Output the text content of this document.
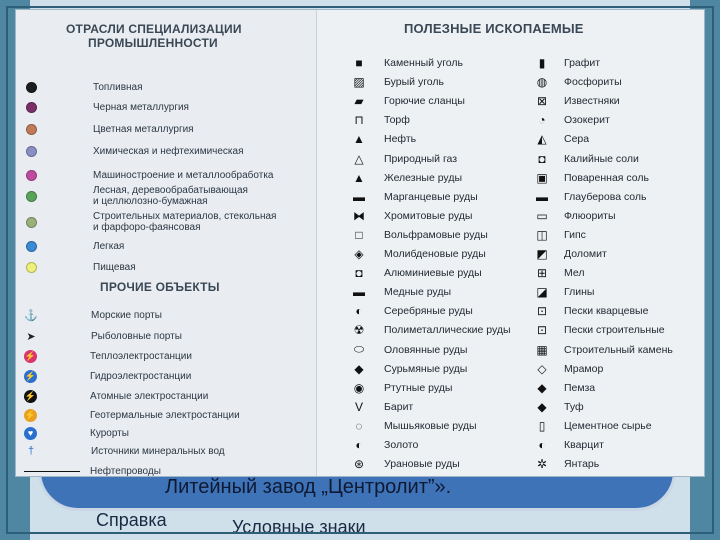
Литейный завод „Центролит”».
Справка	Условные знаки
ОТРАСЛИ СПЕЦИАЛИЗАЦИИ
ПРОМЫШЛЕННОСТИ
Топливная
Черная металлургия
Цветная металлургия
Химическая и нефтехимическая
Машиностроение и металлообработка
Лесная, деревообрабатывающая
и целлюлозно-бумажная
Строительных материалов, стекольная
и фарфоро-фаянсовая
Легкая
Пищевая
ПРОЧИЕ ОБЪЕКТЫ
⚓	Морские порты
➤	Рыболовные порты
⚡	Теплоэлектростанции
⚡	Гидроэлектростанции
⚡	Атомные электростанции
⚡	Геотермальные электростанции
♥	Курорты
†	Источники минеральных вод
Нефтепроводы
ПОЛЕЗНЫЕ ИСКОПАЕМЫЕ
■	Каменный уголь
▨ Бурый уголь
▰ Горючие сланцы
⊓ Торф
▲ Нефть
△ Природный газ
▲ Железные руды
▬ Марганцевые руды
⧓ Хромитовые руды
□	Вольфрамовые руды
◈ Молибденовые руды
◘	Алюминиевые руды
▬ Медные руды
◐	Серебряные руды
☢ Полиметаллические руды
⬭ Оловянные руды
◆ Сурьмяные руды
◉ Ртутные руды
V Барит
◌	Мышьяковые руды
◐	Золото
⊛ Урановые руды
▮	Графит
◍ Фосфориты
⊠ Известняки
◔	Озокерит
◭ Сера
◘	Калийные соли
▣ Поваренная соль
▬ Глауберова соль
▭ Флюориты
◫ Гипс
◩ Доломит
⊞ Мел
◪ Глины
⊡ Пески кварцевые
⊡ Пески строительные
▦ Строительный камень
◇ Мрамор
◆ Пемза
◆ Туф
▯	Цементное сырье
◐	Кварцит
✲ Янтарь
